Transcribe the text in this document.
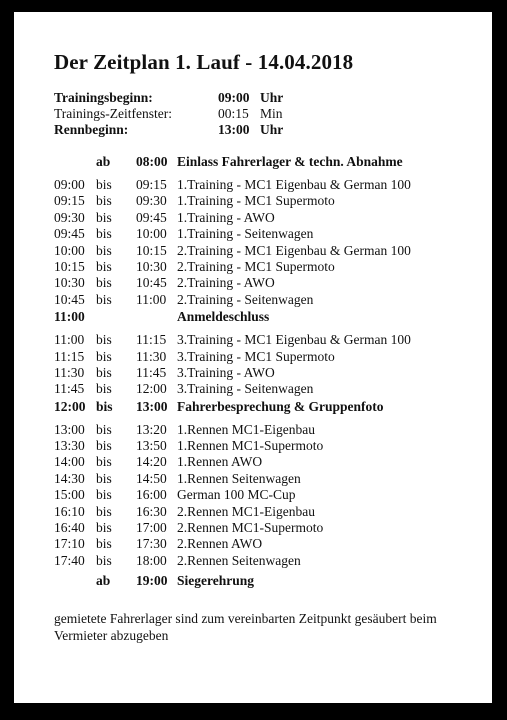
Der Zeitplan 1. Lauf - 14.04.2018
Trainingsbeginn:	09:00 Uhr
Trainings-Zeitfenster:	00:15 Min
Rennbeginn:	13:00 Uhr
ab 08:00 Einlass Fahrerlager & techn. Abnahme
09:00 bis 09:15 1.Training - MC1 Eigenbau & German 100
09:15 bis 09:30 1.Training - MC1 Supermoto
09:30 bis 09:45 1.Training - AWO
09:45 bis 10:00 1.Training - Seitenwagen
10:00 bis 10:15 2.Training - MC1 Eigenbau & German 100
10:15 bis 10:30 2.Training - MC1 Supermoto
10:30 bis 10:45 2.Training - AWO
10:45 bis 11:00 2.Training - Seitenwagen
11:00	Anmeldeschluss
11:00 bis 11:15 3.Training - MC1 Eigenbau & German 100
11:15 bis 11:30 3.Training - MC1 Supermoto
11:30 bis 11:45 3.Training - AWO
11:45 bis 12:00 3.Training - Seitenwagen
12:00 bis 13:00 Fahrerbesprechung & Gruppenfoto
13:00 bis 13:20 1.Rennen MC1-Eigenbau
13:30 bis 13:50 1.Rennen MC1-Supermoto
14:00 bis 14:20 1.Rennen AWO
14:30 bis 14:50 1.Rennen Seitenwagen
15:00 bis 16:00 German 100 MC-Cup
16:10 bis 16:30 2.Rennen MC1-Eigenbau
16:40 bis 17:00 2.Rennen MC1-Supermoto
17:10 bis 17:30 2.Rennen AWO
17:40 bis 18:00 2.Rennen Seitenwagen
ab 19:00 Siegerehrung

gemietete Fahrerlager sind zum vereinbarten Zeitpunkt gesäubert beim Vermieter abzugeben
